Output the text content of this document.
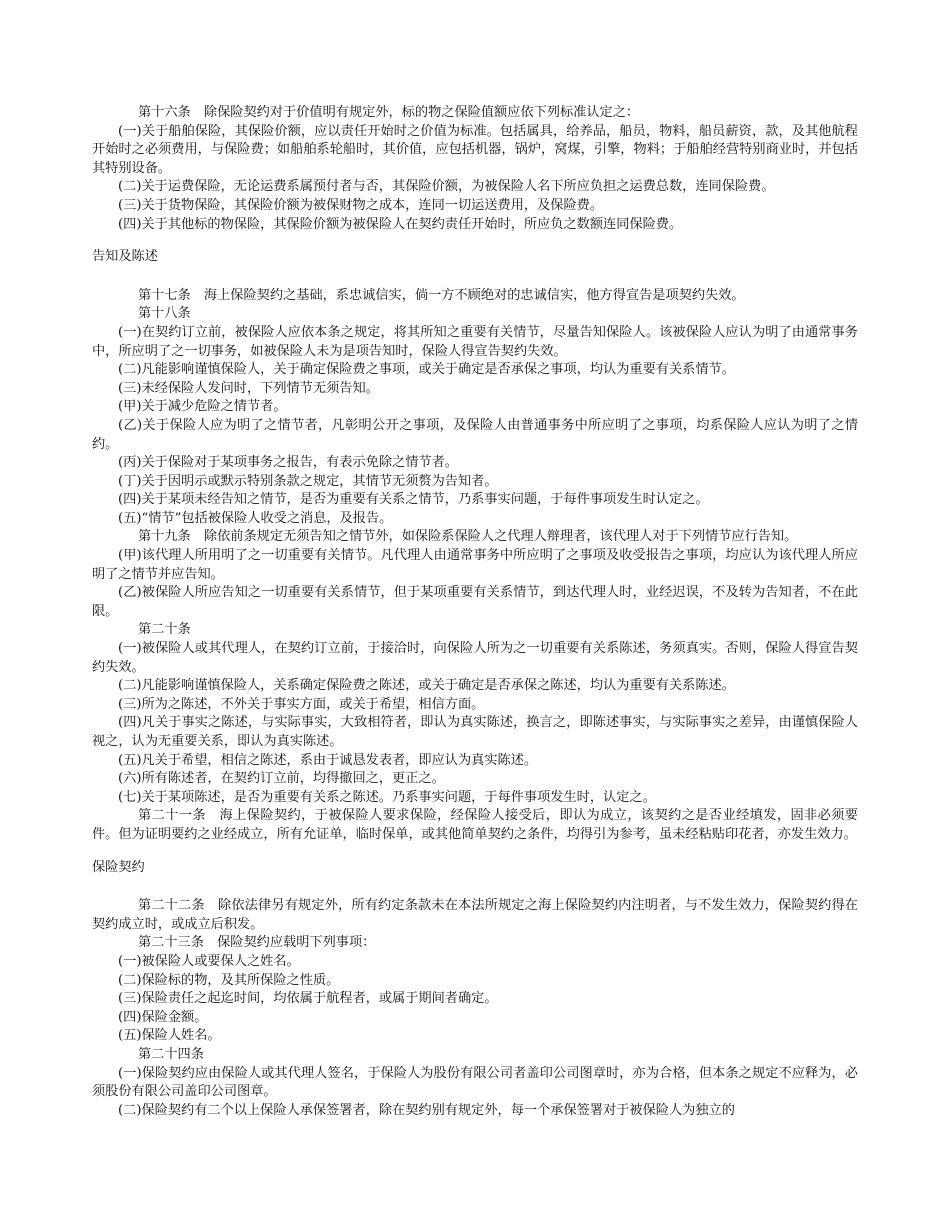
第十六条　除保险契约对于价值明有规定外，标的物之保险值额应依下列标准认定之：

(一)关于船舶保险，其保险价额，应以责任开始时之价值为标准。包括属具，给养品，船员，物料，船员薪资，款，及其他航程开始时之必须费用，与保险费；如船舶系轮船时，其价值，应包括机器，锅炉，窝煤，引擎，物料；于船舶经营特别商业时，并包括其特别设备。

(二)关于运费保险，无论运费系属预付者与否，其保险价额，为被保险人名下所应负担之运费总数，连同保险费。

(三)关于货物保险，其保险价额为被保财物之成本，连同一切运送费用，及保险费。

(四)关于其他标的物保险，其保险价额为被保险人在契约责任开始时，所应负之数额连同保险费。

告知及陈述

第十七条　海上保险契约之基础，系忠诚信实，倘一方不顾绝对的忠诚信实，他方得宣告是项契约失效。

第十八条

(一)在契约订立前，被保险人应依本条之规定，将其所知之重要有关情节，尽量告知保险人。该被保险人应认为明了由通常事务中，所应明了之一切事务，如被保险人未为是项告知时，保险人得宣告契约失效。

(二)凡能影响谨慎保险人，关于确定保险费之事项，或关于确定是否承保之事项，均认为重要有关系情节。

(三)未经保险人发问时，下列情节无须告知。

(甲)关于减少危险之情节者。

(乙)关于保险人应为明了之情节者，凡彰明公开之事项，及保险人由普通事务中所应明了之事项，均系保险人应认为明了之情约。

(丙)关于保险对于某项事务之报告，有表示免除之情节者。

(丁)关于因明示或默示特别条款之规定，其情节无须赘为告知者。

(四)关于某项未经告知之情节，是否为重要有关系之情节，乃系事实问题，于每件事项发生时认定之。

(五)“情节”包括被保险人收受之消息，及报告。

第十九条　除依前条规定无须告知之情节外，如保险系保险人之代理人辩理者，该代理人对于下列情节应行告知。

(甲)该代理人所用明了之一切重要有关情节。凡代理人由通常事务中所应明了之事项及收受报告之事项，均应认为该代理人所应明了之情节并应告知。

(乙)被保险人所应告知之一切重要有关系情节，但于某项重要有关系情节，到达代理人时，业经迟误，不及转为告知者，不在此限。

第二十条

(一)被保险人或其代理人，在契约订立前，于接洽时，向保险人所为之一切重要有关系陈述，务须真实。否则，保险人得宣告契约失效。

(二)凡能影响谨慎保险人，关系确定保险费之陈述，或关于确定是否承保之陈述，均认为重要有关系陈述。

(三)所为之陈述，不外关于事实方面，或关于希望，相信方面。

(四)凡关于事实之陈述，与实际事实，大致相符者，即认为真实陈述，换言之，即陈述事实，与实际事实之差异，由谨慎保险人视之，认为无重要关系，即认为真实陈述。

(五)凡关于希望，相信之陈述，系由于诚恳发表者，即应认为真实陈述。

(六)所有陈述者，在契约订立前，均得撤回之，更正之。

(七)关于某项陈述，是否为重要有关系之陈述。乃系事实问题，于每件事项发生时，认定之。

第二十一条　海上保险契约，于被保险人要求保险，经保险人接受后，即认为成立，该契约之是否业经填发，固非必须要件。但为证明要约之业经成立，所有允证单，临时保单，或其他简单契约之条件，均得引为参考，虽未经粘贴印花者，亦发生效力。

保险契约

第二十二条　除依法律另有规定外，所有约定条款未在本法所规定之海上保险契约内注明者，与不发生效力，保险契约得在契约成立时，或成立后积发。

第二十三条　保险契约应载明下列事项：

(一)被保险人或要保人之姓名。

(二)保险标的物，及其所保险之性质。

(三)保险责任之起迄时间，均依属于航程者，或属于期间者确定。

(四)保险金额。

(五)保险人姓名。

第二十四条

(一)保险契约应由保险人或其代理人签名，于保险人为股份有限公司者盖印公司图章时，亦为合格，但本条之规定不应释为，必须股份有限公司盖印公司图章。

(二)保险契约有二个以上保险人承保签署者，除在契约别有规定外，每一个承保签署对于被保险人为独立的
